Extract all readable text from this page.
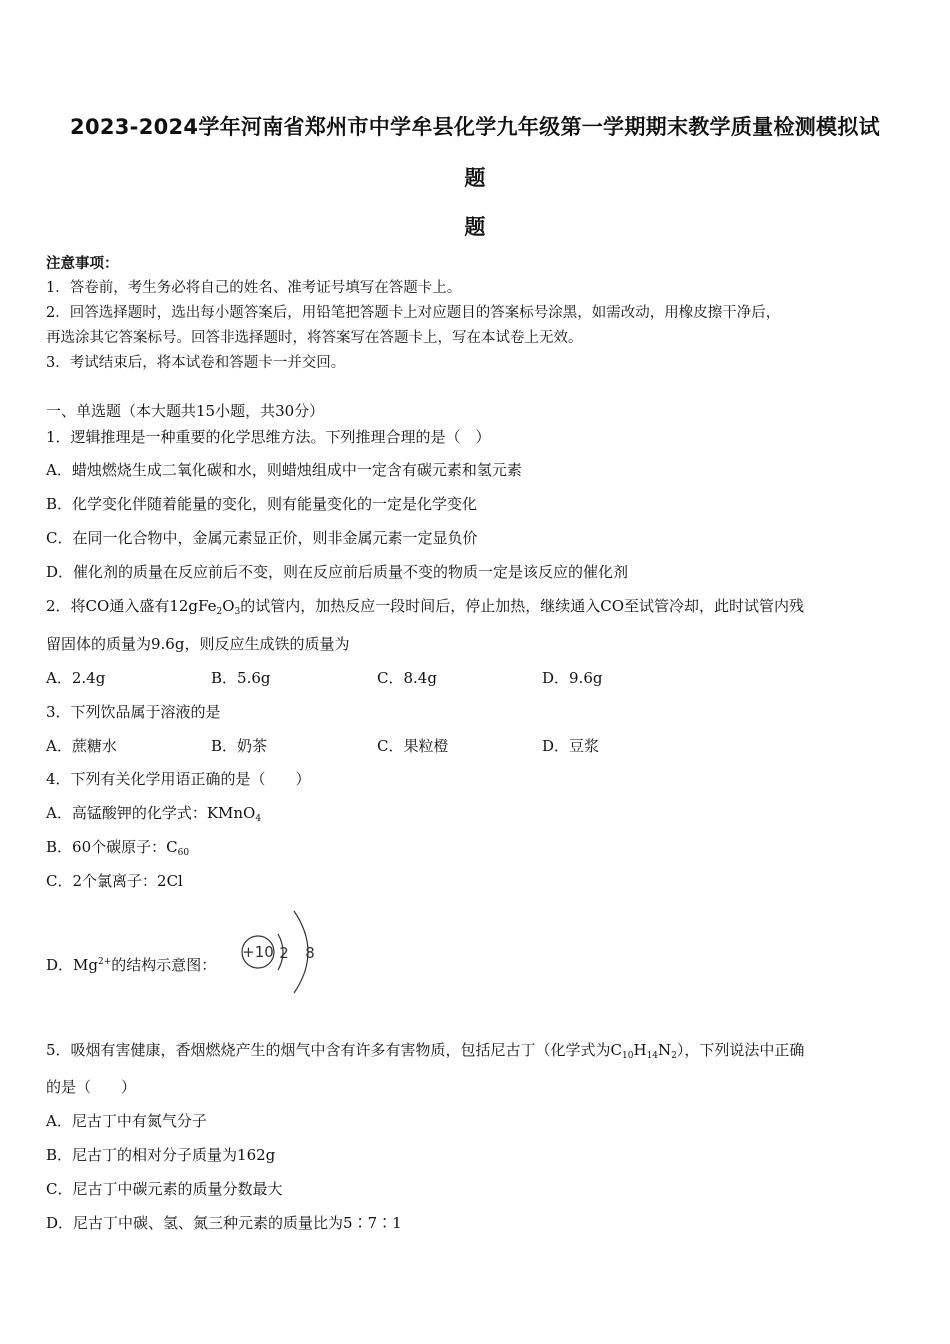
2023-2024学年河南省郑州市中学牟县化学九年级第一学期期末教学质量检测模拟试
题
题
注意事项：
1．答卷前，考生务必将自己的姓名、准考证号填写在答题卡上。
2．回答选择题时，选出每小题答案后，用铅笔把答题卡上对应题目的答案标号涂黑，如需改动，用橡皮擦干净后，
再选涂其它答案标号。回答非选择题时，将答案写在答题卡上，写在本试卷上无效。
3．考试结束后，将本试卷和答题卡一并交回。
一、单选题（本大题共15小题，共30分）
1．逻辑推理是一种重要的化学思维方法。下列推理合理的是（　）
A．蜡烛燃烧生成二氧化碳和水，则蜡烛组成中一定含有碳元素和氢元素
B．化学变化伴随着能量的变化，则有能量变化的一定是化学变化
C．在同一化合物中，金属元素显正价，则非金属元素一定显负价
D．催化剂的质量在反应前后不变，则在反应前后质量不变的物质一定是该反应的催化剂
2．将CO通入盛有$12gFe_2O_3$的试管内，加热反应一段时间后，停止加热，继续通入CO至试管冷却，此时试管内残
留固体的质量为9.6g，则反应生成铁的质量为
A．2.4g	B．5.6g	C．8.4g	D．9.6g
3．下列饮品属于溶液的是
A．蔗糖水	B．奶茶	C．果粒橙	D．豆浆
4．下列有关化学用语正确的是（　　）
A．高锰酸钾的化学式：KMnO$_4$
B．60个碳原子：$C_{60}$
C．2个氯离子：2Cl
D．$Mg^{2+}$的结构示意图：
+10 2 8
5．吸烟有害健康，香烟燃烧产生的烟气中含有许多有害物质，包括尼古丁（化学式为$C_{10}H_{14}N_2$），下列说法中正确
的是（　　）
A．尼古丁中有氮气分子
B．尼古丁的相对分子质量为162g
C．尼古丁中碳元素的质量分数最大
D．尼古丁中碳、氢、氮三种元素的质量比为5∶7∶1
